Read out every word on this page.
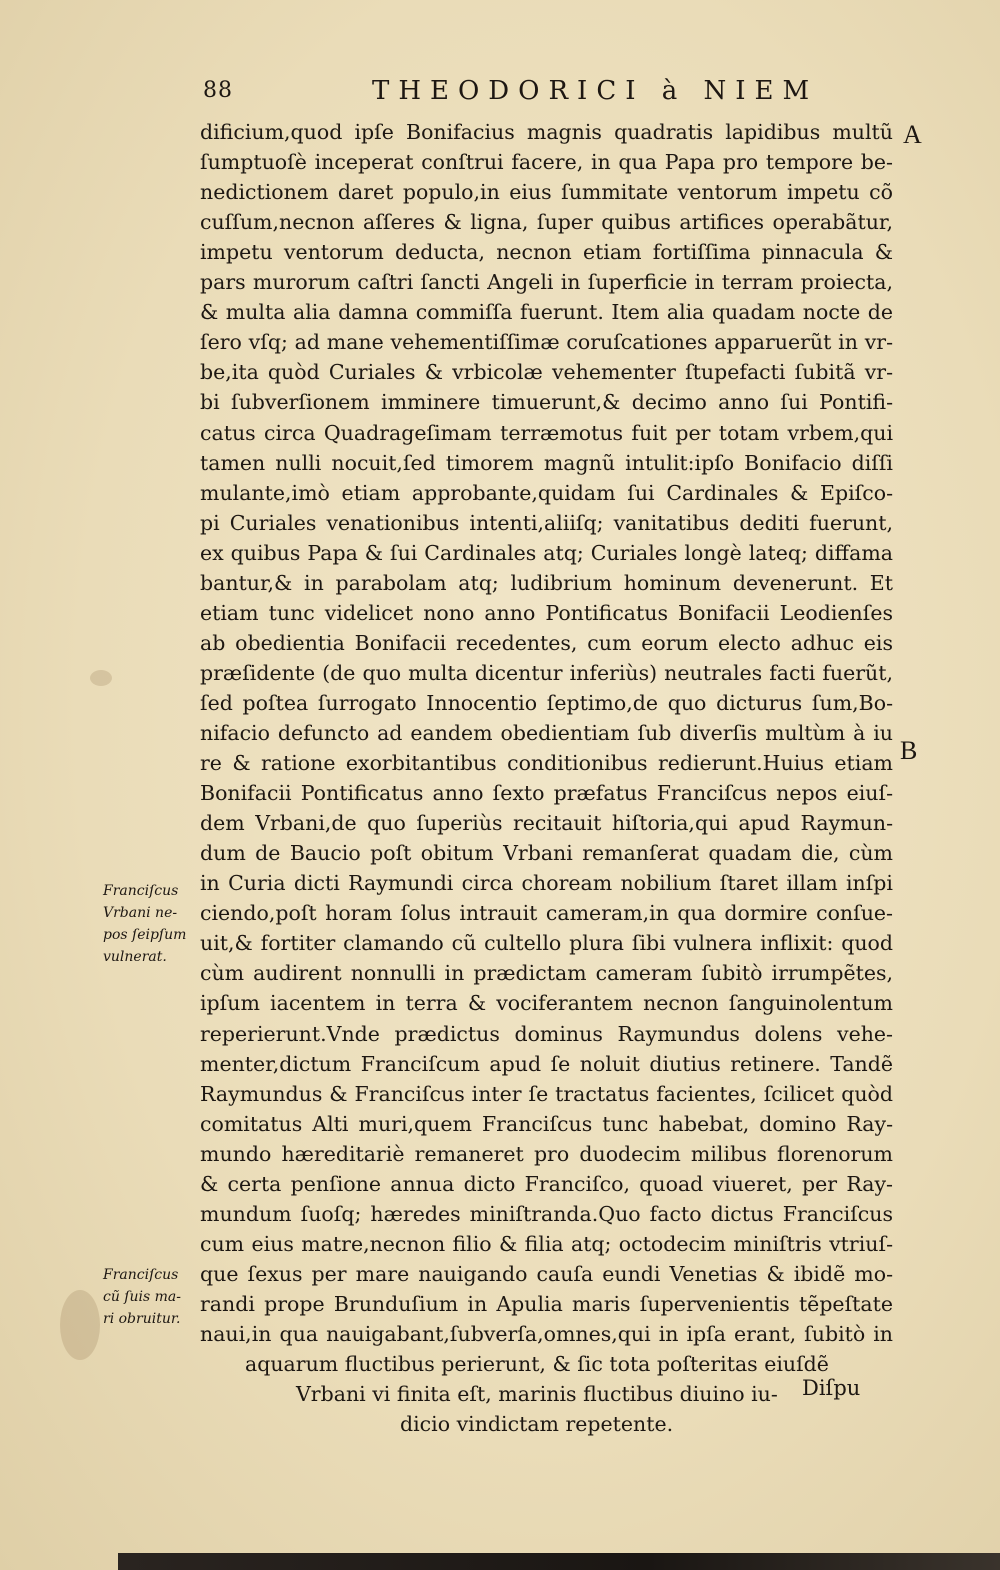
88	THEODORICI à NIEM
A
B
dificium,quod ipſe Bonifacius magnis quadratis lapidibus multũ
ſumptuoſè inceperat conſtrui facere, in qua Papa pro tempore be-
nedictionem daret populo,in eius ſummitate ventorum impetu cõ
cuſſum,necnon aſſeres & ligna, ſuper quibus artifices operabãtur,
impetu ventorum deducta, necnon etiam fortiſſima pinnacula &
pars murorum caſtri ſancti Angeli in ſuperficie in terram proiecta,
& multa alia damna commiſſa fuerunt. Item alia quadam nocte de
ſero vſq; ad mane vehementiſſimæ coruſcationes apparuerũt in vr-
be,ita quòd Curiales & vrbicolæ vehementer ſtupefacti ſubitã vr-
bi ſubverſionem imminere timuerunt,& decimo anno ſui Pontifi-
catus circa Quadrageſimam terræmotus fuit per totam vrbem,qui
tamen nulli nocuit,ſed timorem magnũ intulit:ipſo Bonifacio diſſi
mulante,imò etiam approbante,quidam ſui Cardinales & Epiſco-
pi Curiales venationibus intenti,aliiſq; vanitatibus dediti fuerunt,
ex quibus Papa & ſui Cardinales atq; Curiales longè lateq; diffama
bantur,& in parabolam atq; ludibrium hominum devenerunt. Et
etiam tunc videlicet nono anno Pontificatus Bonifacii Leodienſes
ab obedientia Bonifacii recedentes, cum eorum electo adhuc eis
præſidente (de quo multa dicentur inferiùs) neutrales facti fuerũt,
ſed poſtea ſurrogato Innocentio ſeptimo,de quo dicturus ſum,Bo-
nifacio defuncto ad eandem obedientiam ſub diverſis multùm à iu
re & ratione exorbitantibus conditionibus redierunt.Huius etiam
Bonifacii Pontificatus anno ſexto præfatus Franciſcus nepos eiuſ-
dem Vrbani,de quo ſuperiùs recitauit hiſtoria,qui apud Raymun-
dum de Baucio poſt obitum Vrbani remanſerat quadam die, cùm
in Curia dicti Raymundi circa choream nobilium ſtaret illam inſpi
ciendo,poſt horam ſolus intrauit cameram,in qua dormire conſue-
uit,& fortiter clamando cũ cultello plura ſibi vulnera inflixit: quod
cùm audirent nonnulli in prædictam cameram ſubitò irrumpẽtes,
ipſum iacentem in terra & vociferantem necnon ſanguinolentum
reperierunt.Vnde prædictus dominus Raymundus dolens vehe-
menter,dictum Franciſcum apud ſe noluit diutius retinere. Tandẽ
Raymundus & Franciſcus inter ſe tractatus facientes, ſcilicet quòd
comitatus Alti muri,quem Franciſcus tunc habebat, domino Ray-
mundo hæreditariè remaneret pro duodecim milibus florenorum
& certa penſione annua dicto Franciſco, quoad viueret, per Ray-
mundum ſuoſq; hæredes miniſtranda.Quo facto dictus Franciſcus
cum eius matre,necnon filio & filia atq; octodecim miniſtris vtriuſ-
que ſexus per mare nauigando cauſa eundi Venetias & ibidẽ mo-
randi prope Brunduſium in Apulia maris ſupervenientis tẽpeſtate
naui,in qua nauigabant,ſubverſa,omnes,qui in ipſa erant, ſubitò in
aquarum fluctibus perierunt, & ſic tota poſteritas eiuſdẽ
Vrbani vi finita eſt, marinis fluctibus diuino iu-
dicio vindictam repetente.
Franciſcus
Vrbani ne-
pos ſeipſum
vulnerat.
Franciſcus
cũ ſuis ma-
ri obruitur.
Diſpu
